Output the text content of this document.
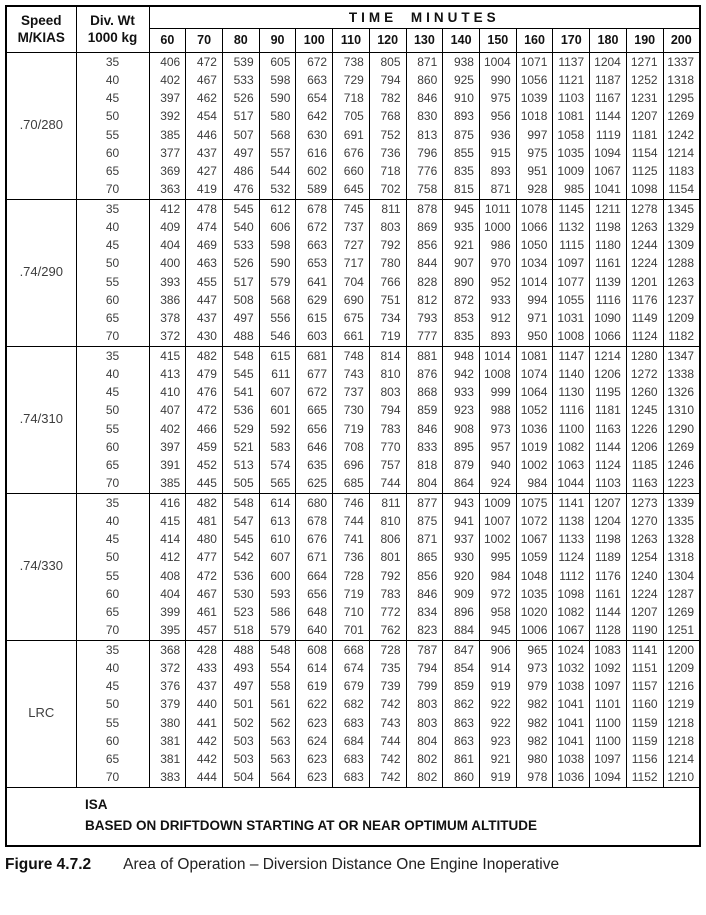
Speed
M/KIAS

Div. Wt
1000 kg
	TIME MINUTES
		60	70	80	90	100	110	120	130	140	150	160	170	180	190	200
.70/280	35	406	472	539	605	672	738	805	871	938	1004	1071	1137	1204	1271	1337
	40	402	467	533	598	663	729	794	860	925	990	1056	1121	1187	1252	1318
	45	397	462	526	590	654	718	782	846	910	975	1039	1103	1167	1231	1295
	50	392	454	517	580	642	705	768	830	893	956	1018	1081	1144	1207	1269
	55	385	446	507	568	630	691	752	813	875	936	997	1058	1119	1181	1242
	60	377	437	497	557	616	676	736	796	855	915	975	1035	1094	1154	1214
	65	369	427	486	544	602	660	718	776	835	893	951	1009	1067	1125	1183
	70	363	419	476	532	589	645	702	758	815	871	928	985	1041	1098	1154
.74/290	35	412	478	545	612	678	745	811	878	945	1011	1078	1145	1211	1278	1345
	40	409	474	540	606	672	737	803	869	935	1000	1066	1132	1198	1263	1329
	45	404	469	533	598	663	727	792	856	921	986	1050	1115	1180	1244	1309
	50	400	463	526	590	653	717	780	844	907	970	1034	1097	1161	1224	1288
	55	393	455	517	579	641	704	766	828	890	952	1014	1077	1139	1201	1263
	60	386	447	508	568	629	690	751	812	872	933	994	1055	1116	1176	1237
	65	378	437	497	556	615	675	734	793	853	912	971	1031	1090	1149	1209
	70	372	430	488	546	603	661	719	777	835	893	950	1008	1066	1124	1182
.74/310	35	415	482	548	615	681	748	814	881	948	1014	1081	1147	1214	1280	1347
	40	413	479	545	611	677	743	810	876	942	1008	1074	1140	1206	1272	1338
	45	410	476	541	607	672	737	803	868	933	999	1064	1130	1195	1260	1326
	50	407	472	536	601	665	730	794	859	923	988	1052	1116	1181	1245	1310
	55	402	466	529	592	656	719	783	846	908	973	1036	1100	1163	1226	1290
	60	397	459	521	583	646	708	770	833	895	957	1019	1082	1144	1206	1269
	65	391	452	513	574	635	696	757	818	879	940	1002	1063	1124	1185	1246
	70	385	445	505	565	625	685	744	804	864	924	984	1044	1103	1163	1223
.74/330	35	416	482	548	614	680	746	811	877	943	1009	1075	1141	1207	1273	1339
	40	415	481	547	613	678	744	810	875	941	1007	1072	1138	1204	1270	1335
	45	414	480	545	610	676	741	806	871	937	1002	1067	1133	1198	1263	1328
	50	412	477	542	607	671	736	801	865	930	995	1059	1124	1189	1254	1318
	55	408	472	536	600	664	728	792	856	920	984	1048	1112	1176	1240	1304
	60	404	467	530	593	656	719	783	846	909	972	1035	1098	1161	1224	1287
	65	399	461	523	586	648	710	772	834	896	958	1020	1082	1144	1207	1269
	70	395	457	518	579	640	701	762	823	884	945	1006	1067	1128	1190	1251
LRC	35	368	428	488	548	608	668	728	787	847	906	965	1024	1083	1141	1200
	40	372	433	493	554	614	674	735	794	854	914	973	1032	1092	1151	1209
	45	376	437	497	558	619	679	739	799	859	919	979	1038	1097	1157	1216
	50	379	440	501	561	622	682	742	803	862	922	982	1041	1101	1160	1219
	55	380	441	502	562	623	683	743	803	863	922	982	1041	1100	1159	1218
	60	381	442	503	563	624	684	744	804	863	923	982	1041	1100	1159	1218
	65	381	442	503	563	623	683	742	802	861	921	980	1038	1097	1156	1214
	70	383	444	504	564	623	683	742	802	860	919	978	1036	1094	1152	1210

ISA
BASED ON DRIFTDOWN STARTING AT OR NEAR OPTIMUM ALTITUDE																
Figure 4.7.2 Area of Operation – Diversion Distance One Engine Inoperative
